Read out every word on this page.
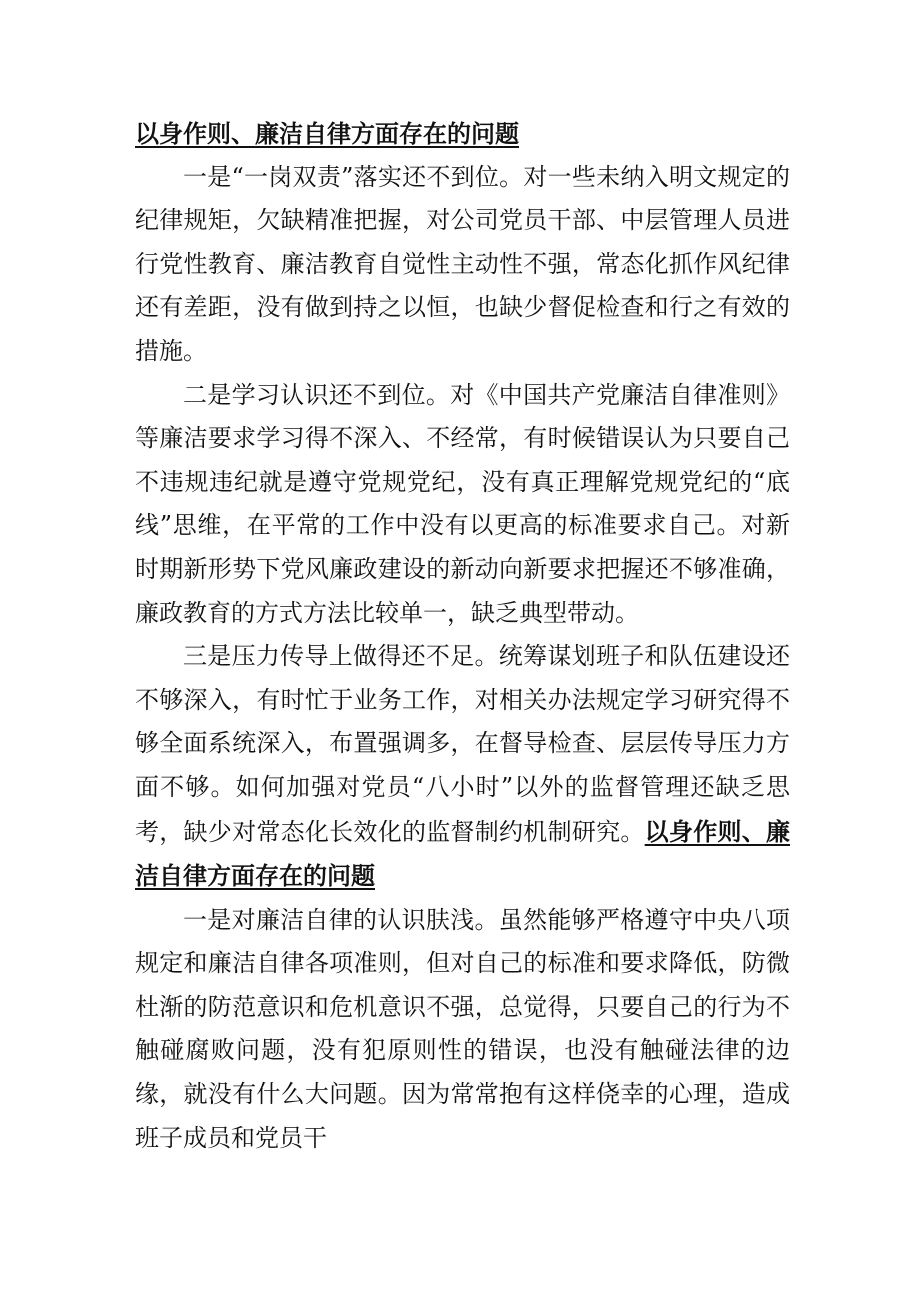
以身作则、廉洁自律方面存在的问题

一是“一岗双责”落实还不到位。对一些未纳入明文规定的纪律规矩，欠缺精准把握，对公司党员干部、中层管理人员进行党性教育、廉洁教育自觉性主动性不强，常态化抓作风纪律还有差距，没有做到持之以恒，也缺少督促检查和行之有效的措施。

二是学习认识还不到位。对《中国共产党廉洁自律准则》等廉洁要求学习得不深入、不经常，有时候错误认为只要自己不违规违纪就是遵守党规党纪，没有真正理解党规党纪的“底线”思维，在平常的工作中没有以更高的标准要求自己。对新时期新形势下党风廉政建设的新动向新要求把握还不够准确，廉政教育的方式方法比较单一，缺乏典型带动。

三是压力传导上做得还不足。统筹谋划班子和队伍建设还不够深入，有时忙于业务工作，对相关办法规定学习研究得不够全面系统深入，布置强调多，在督导检查、层层传导压力方面不够。如何加强对党员“八小时”以外的监督管理还缺乏思考，缺少对常态化长效化的监督制约机制研究。以身作则、廉洁自律方面存在的问题

一是对廉洁自律的认识肤浅。虽然能够严格遵守中央八项规定和廉洁自律各项准则，但对自己的标准和要求降低，防微杜渐的防范意识和危机意识不强，总觉得，只要自己的行为不触碰腐败问题，没有犯原则性的错误，也没有触碰法律的边缘，就没有什么大问题。因为常常抱有这样侥幸的心理，造成班子成员和党员干
